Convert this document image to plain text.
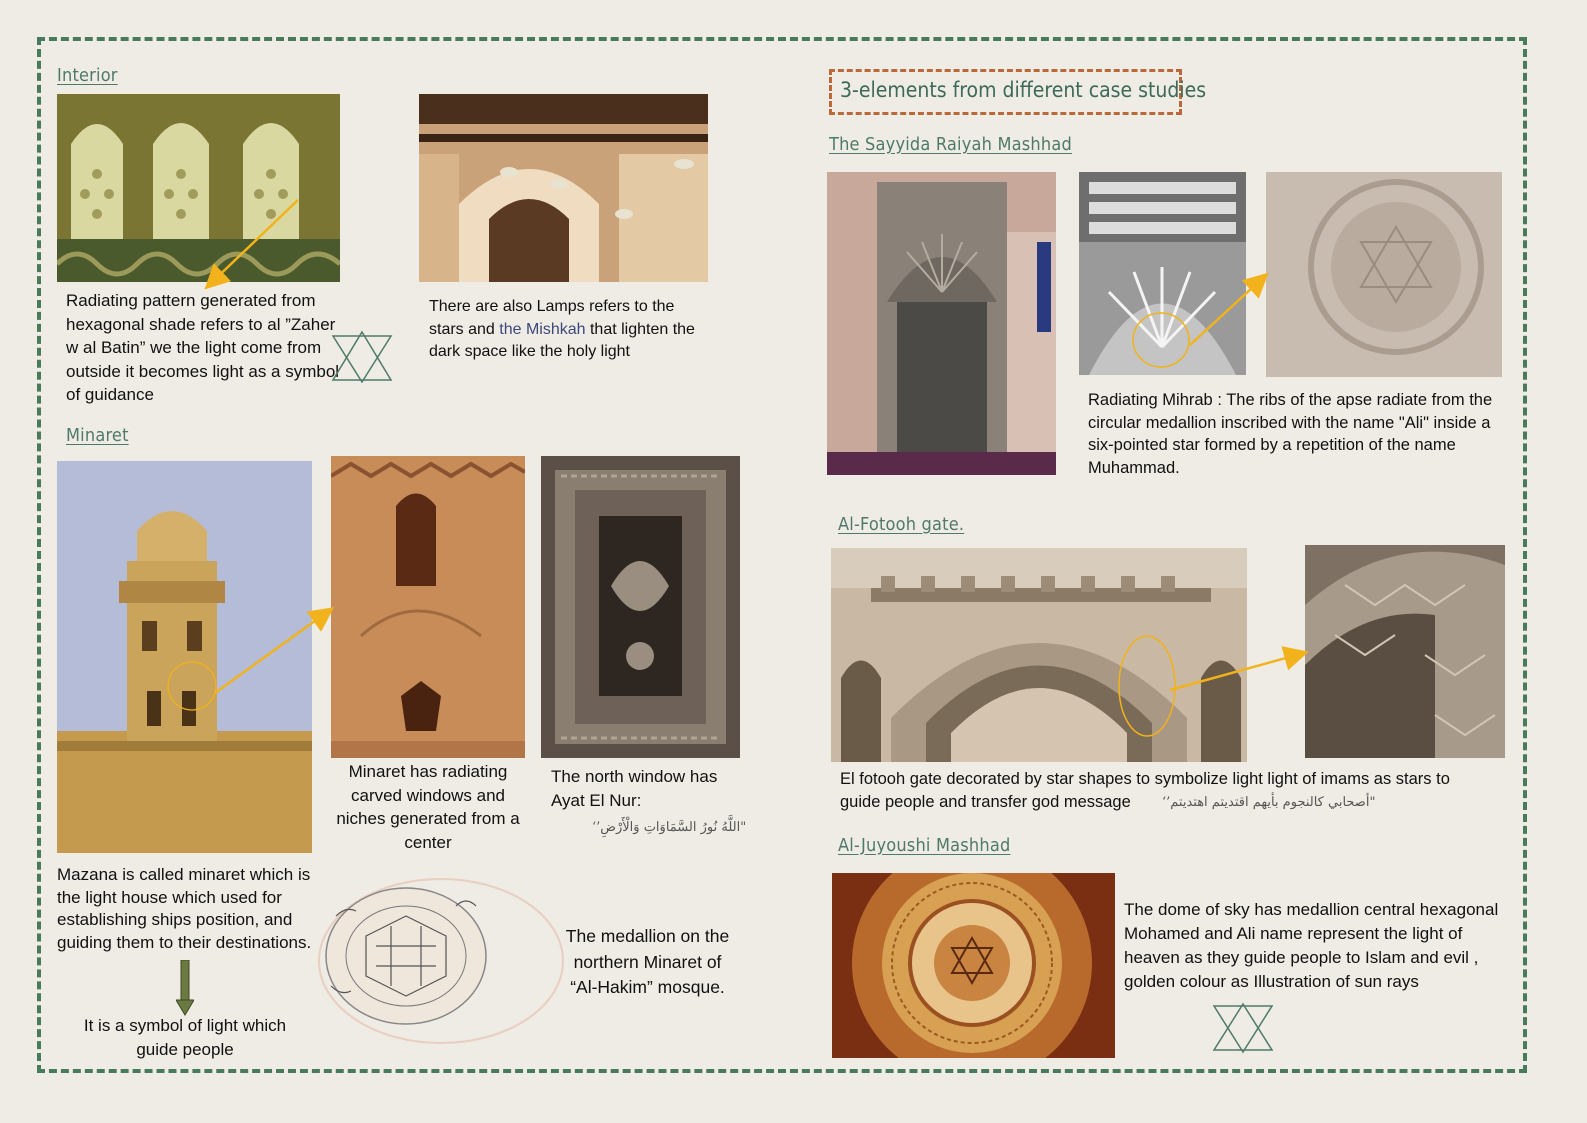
3-elements from different case studies
Interior
Radiating pattern generated from hexagonal shade refers to al ”Zaher w al Batin” we the light come from outside it becomes light as a symbol of guidance
There are also Lamps refers to the stars and the Mishkah that lighten the dark space like the holy light
Minaret
Minaret has radiating carved windows and niches generated from a center
The north window has Ayat El Nur:
‘’اللَّهُ نُورُ السَّمَاوَاتِ وَالْأَرْضِ"
Mazana is called minaret which is the light house which used for establishing ships position, and guiding them to their destinations.
It is a symbol of light which guide people
The medallion on the northern Minaret of “Al-Hakim” mosque.
The Sayyida Raiyah Mashhad
Radiating Mihrab : The ribs of the apse radiate from the circular medallion inscribed with the name "Ali" inside a six-pointed star formed by a repetition of the name Muhammad.
Al-Fotooh gate.
El fotooh gate decorated by star shapes to symbolize light light of imams as stars to guide people and transfer god message	‘’أصحابي كالنجوم بأيهم اقتديتم اهتديتم"
Al-Juyoushi Mashhad
The dome of sky has medallion central hexagonal Mohamed and Ali name represent the light of heaven as they guide people to Islam and evil , golden colour as Illustration of sun rays
